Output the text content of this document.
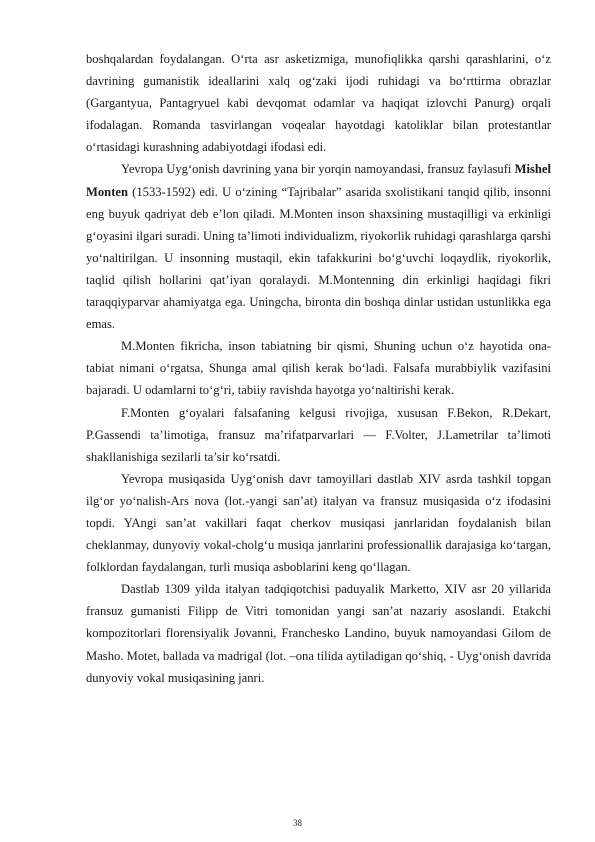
boshqalardan foydalangan. O‘rta asr asketizmiga, munofiqlikka qarshi qarashlarini, o‘z davrining gumanistik ideallarini xalq og‘zaki ijodi ruhidagi va bo‘rttirma obrazlar (Gargantyua, Pantagryuel kabi devqomat odamlar va haqiqat izlovchi Panurg) orqali ifodalagan. Romanda tasvirlangan voqealar hayotdagi katoliklar bilan protestantlar o‘rtasidagi kurashning adabiyotdagi ifodasi edi.

Yevropa Uyg‘onish davrining yana bir yorqin namoyandasi, fransuz faylasufi Mishel Monten (1533-1592) edi. U o‘zining “Tajribalar” asarida sxolistikani tanqid qilib, insonni eng buyuk qadriyat deb e’lon qiladi. M.Monten inson shaxsining mustaqilligi va erkinligi g‘oyasini ilgari suradi. Uning ta’limoti individualizm, riyokorlik ruhidagi qarashlarga qarshi yo‘naltirilgan. U insonning mustaqil, ekin tafakkurini bo‘g‘uvchi loqaydlik, riyokorlik, taqlid qilish hollarini qat’iyan qoralaydi. M.Montenning din erkinligi haqidagi fikri taraqqiyparvar ahamiyatga ega. Uningcha, bironta din boshqa dinlar ustidan ustunlikka ega emas.

M.Monten fikricha, inson tabiatning bir qismi, Shuning uchun o‘z hayotida ona-tabiat nimani o‘rgatsa, Shunga amal qilish kerak bo‘ladi. Falsafa murabbiylik vazifasini bajaradi. U odamlarni to‘g‘ri, tabiiy ravishda hayotga yo‘naltirishi kerak.

F.Monten g‘oyalari falsafaning kelgusi rivojiga, xususan F.Bekon, R.Dekart, P.Gassendi ta’limotiga, fransuz ma’rifatparvarlari — F.Volter, J.Lametrilar ta’limoti shakllanishiga sezilarli ta’sir ko‘rsatdi.

Yevropa musiqasida Uyg‘onish davr tamoyillari dastlab XIV asrda tashkil topgan ilg‘or yo‘nalish-Ars nova (lot.-yangi san’at) italyan va fransuz musiqasida o‘z ifodasini topdi. YAngi san’at vakillari faqat cherkov musiqasi janrlaridan foydalanish bilan cheklanmay, dunyoviy vokal-cholg‘u musiqa janrlarini professionallik darajasiga ko‘targan, folklordan faydalangan, turli musiqa asboblarini keng qo‘llagan.

Dastlab 1309 yilda italyan tadqiqotchisi paduyalik Marketto, XIV asr 20 yillarida fransuz gumanisti Filipp de Vitri tomonidan yangi san’at nazariy asoslandi. Etakchi kompozitorlari florensiyalik Jovanni, Franchesko Landino, buyuk namoyandasi Gilom de Masho. Motet, ballada va madrigal (lot. –ona tilida aytiladigan qo‘shiq, - Uyg‘onish davrida dunyoviy vokal musiqasining janri.

38
